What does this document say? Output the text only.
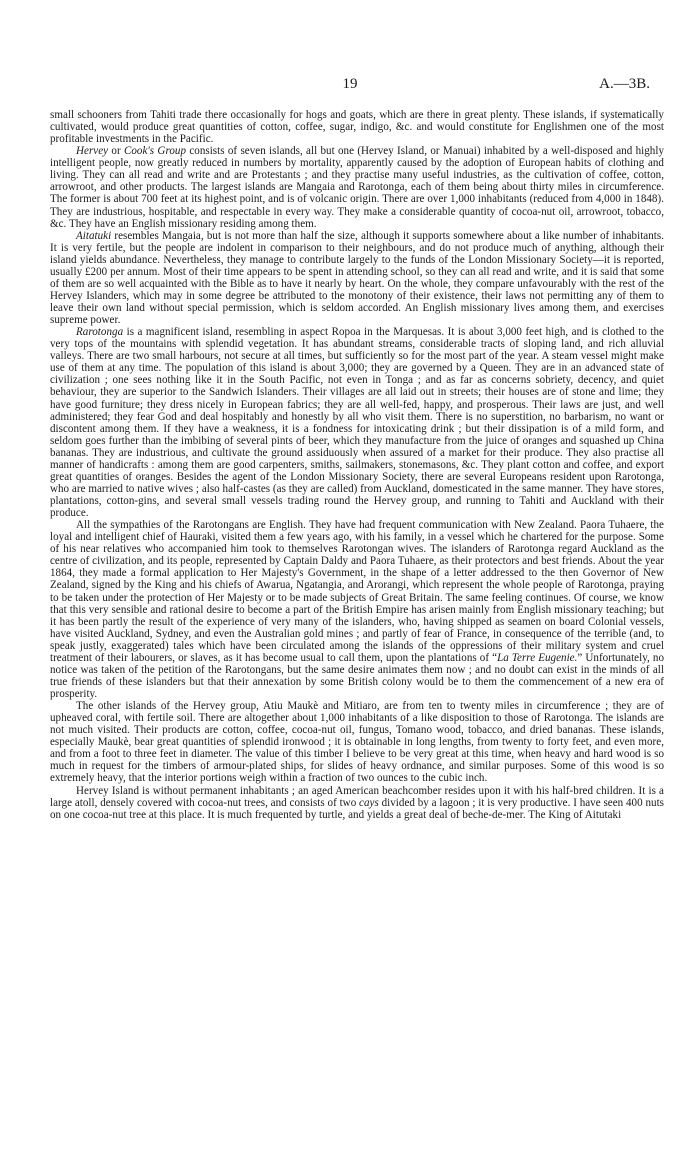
19	A.—3B.

small schooners from Tahiti trade there occasionally for hogs and goats, which are there in great plenty. These islands, if systematically cultivated, would produce great quantities of cotton, coffee, sugar, indigo, &c. and would constitute for Englishmen one of the most profitable investments in the Pacific.

Hervey or Cook's Group consists of seven islands, all but one (Hervey Island, or Manuai) inhabited by a well-disposed and highly intelligent people, now greatly reduced in numbers by mortality, apparently caused by the adoption of European habits of clothing and living. They can all read and write and are Protestants ; and they practise many useful industries, as the cultivation of coffee, cotton, arrowroot, and other products. The largest islands are Mangaia and Rarotonga, each of them being about thirty miles in circumference. The former is about 700 feet at its highest point, and is of volcanic origin. There are over 1,000 inhabitants (reduced from 4,000 in 1848). They are industrious, hospitable, and respectable in every way. They make a considerable quantity of cocoa-nut oil, arrowroot, tobacco, &c. They have an English missionary residing among them.

Aitatuki resembles Mangaia, but is not more than half the size, although it supports somewhere about a like number of inhabitants. It is very fertile, but the people are indolent in comparison to their neighbours, and do not produce much of anything, although their island yields abundance. Nevertheless, they manage to contribute largely to the funds of the London Missionary Society—it is reported, usually £200 per annum. Most of their time appears to be spent in attending school, so they can all read and write, and it is said that some of them are so well acquainted with the Bible as to have it nearly by heart. On the whole, they compare unfavourably with the rest of the Hervey Islanders, which may in some degree be attributed to the monotony of their existence, their laws not permitting any of them to leave their own land without special permission, which is seldom accorded. An English missionary lives among them, and exercises supreme power.

Rarotonga is a magnificent island, resembling in aspect Ropoa in the Marquesas. It is about 3,000 feet high, and is clothed to the very tops of the mountains with splendid vegetation. It has abundant streams, considerable tracts of sloping land, and rich alluvial valleys. There are two small harbours, not secure at all times, but sufficiently so for the most part of the year. A steam vessel might make use of them at any time. The population of this island is about 3,000; they are governed by a Queen. They are in an advanced state of civilization ; one sees nothing like it in the South Pacific, not even in Tonga ; and as far as concerns sobriety, decency, and quiet behaviour, they are superior to the Sandwich Islanders. Their villages are all laid out in streets; their houses are of stone and lime; they have good furniture; they dress nicely in European fabrics; they are all well-fed, happy, and prosperous. Their laws are just, and well administered; they fear God and deal hospitably and honestly by all who visit them. There is no superstition, no barbarism, no want or discontent among them. If they have a weakness, it is a fondness for intoxicating drink ; but their dissipation is of a mild form, and seldom goes further than the imbibing of several pints of beer, which they manufacture from the juice of oranges and squashed up China bananas. They are industrious, and cultivate the ground assiduously when assured of a market for their produce. They also practise all manner of handicrafts : among them are good carpenters, smiths, sailmakers, stonemasons, &c. They plant cotton and coffee, and export great quantities of oranges. Besides the agent of the London Missionary Society, there are several Europeans resident upon Rarotonga, who are married to native wives ; also half-castes (as they are called) from Auckland, domesticated in the same manner. They have stores, plantations, cotton-gins, and several small vessels trading round the Hervey group, and running to Tahiti and Auckland with their produce.

All the sympathies of the Rarotongans are English. They have had frequent communication with New Zealand. Paora Tuhaere, the loyal and intelligent chief of Hauraki, visited them a few years ago, with his family, in a vessel which he chartered for the purpose. Some of his near relatives who accompanied him took to themselves Rarotongan wives. The islanders of Rarotonga regard Auckland as the centre of civilization, and its people, represented by Captain Daldy and Paora Tuhaere, as their protectors and best friends. About the year 1864, they made a formal application to Her Majesty's Government, in the shape of a letter addressed to the then Governor of New Zealand, signed by the King and his chiefs of Awarua, Ngatangia, and Arorangi, which represent the whole people of Rarotonga, praying to be taken under the protection of Her Majesty or to be made subjects of Great Britain. The same feeling continues. Of course, we know that this very sensible and rational desire to become a part of the British Empire has arisen mainly from English missionary teaching; but it has been partly the result of the experience of very many of the islanders, who, having shipped as seamen on board Colonial vessels, have visited Auckland, Sydney, and even the Australian gold mines ; and partly of fear of France, in consequence of the terrible (and, to speak justly, exaggerated) tales which have been circulated among the islands of the oppressions of their military system and cruel treatment of their labourers, or slaves, as it has become usual to call them, upon the plantations of “La Terre Eugenie.” Unfortunately, no notice was taken of the petition of the Rarotongans, but the same desire animates them now ; and no doubt can exist in the minds of all true friends of these islanders but that their annexation by some British colony would be to them the commencement of a new era of prosperity.

The other islands of the Hervey group, Atiu Maukè and Mitiaro, are from ten to twenty miles in circumference ; they are of upheaved coral, with fertile soil. There are altogether about 1,000 inhabitants of a like disposition to those of Rarotonga. The islands are not much visited. Their products are cotton, coffee, cocoa-nut oil, fungus, Tomano wood, tobacco, and dried bananas. These islands, especially Maukè, bear great quantities of splendid ironwood ; it is obtainable in long lengths, from twenty to forty feet, and even more, and from a foot to three feet in diameter. The value of this timber I believe to be very great at this time, when heavy and hard wood is so much in request for the timbers of armour-plated ships, for slides of heavy ordnance, and similar purposes. Some of this wood is so extremely heavy, that the interior portions weigh within a fraction of two ounces to the cubic inch.

Hervey Island is without permanent inhabitants ; an aged American beachcomber resides upon it with his half-bred children. It is a large atoll, densely covered with cocoa-nut trees, and consists of two cays divided by a lagoon ; it is very productive. I have seen 400 nuts on one cocoa-nut tree at this place. It is much frequented by turtle, and yields a great deal of beche-de-mer. The King of Aitutaki
